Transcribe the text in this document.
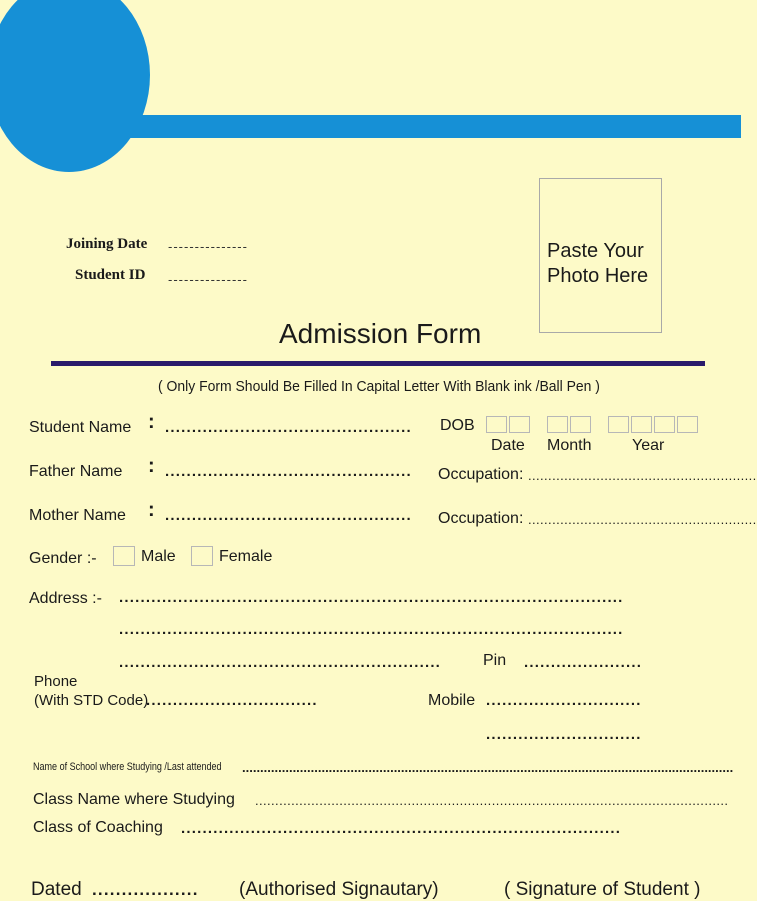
Joining Date ---------------
Student ID ---------------
Paste Your Photo Here
Admission Form
( Only Form Should Be Filled In Capital Letter With Blank ink /Ball Pen )
Student Name : ..............................................	DOB
Date Month	Year
Father Name : ..............................................	Occupation: .........................................................
Mother Name : ..............................................	Occupation: .........................................................
Gender :-	Male	Female
Address :- ..............................................................................................
..............................................................................................
............................................................	Pin ......................
Phone
(With STD Code)
................................	Mobile .............................
.............................
Name of School where Studying /Last attended ........................................................................................................................................
Class Name where Studying ......................................................................................................................
Class of Coaching ..................................................................................
Dated .................. (Authorised Signautary)	( Signature of Student )
